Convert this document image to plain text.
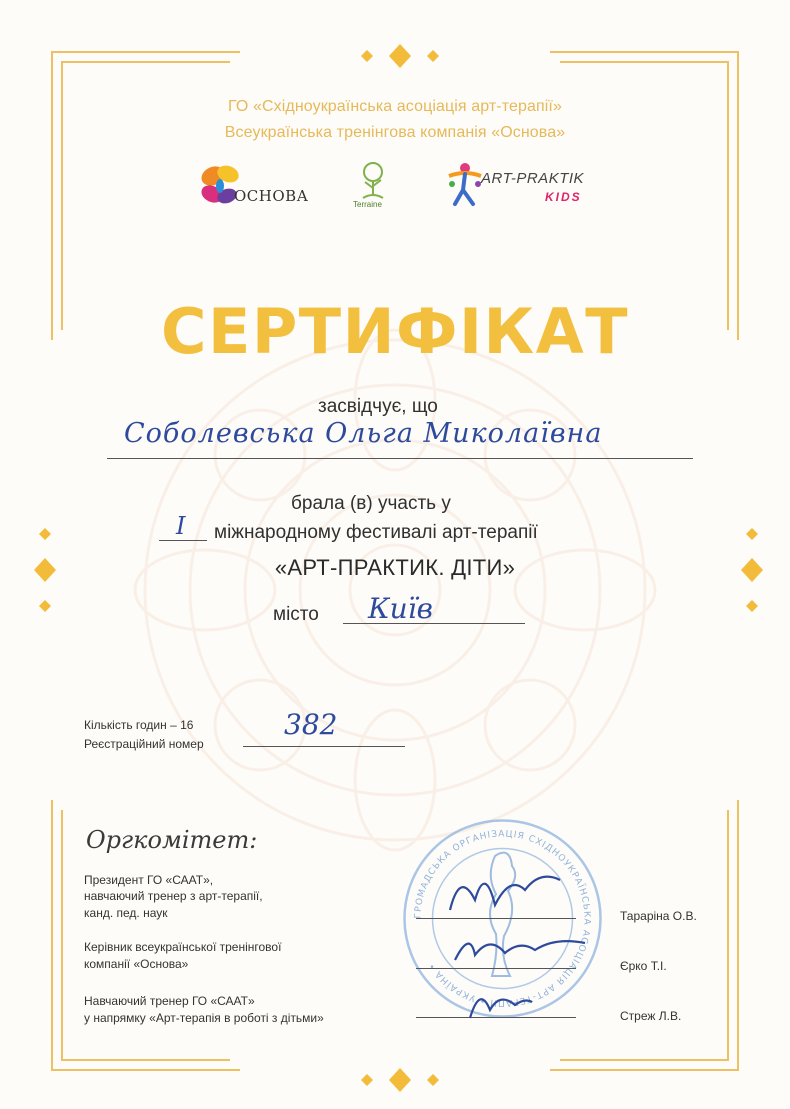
ГО «Східноукраїнська асоціація арт-терапії»
Всеукраїнська тренінгова компанія «Основа»
ОСНОВА	Terraine
ART-PRAKTIK
KIDS
СЕРТИФІКАТ
засвідчує, що
Соболевська Ольга Миколаївна
брала (в) участь у
I міжнародному фестивалі арт-терапії
«АРТ-ПРАКТИК. ДІТИ»
місто Київ
Кількість годин – 16
Реєстраційний номер
382
Оргкомітет:
ГРОМАДСЬКА ОРГАНІЗАЦІЯ СХІДНОУКРАЇНСЬКА АСОЦІАЦІЯ АРТ-ТЕРАПІЇ • УКРАЇНА •
Президент ГО «САAT»,
навчаючий тренер з арт-терапії,
канд. пед. наук	Тарарiна О.В.
Керівник всеукраїнської тренінгової
компанії «Основа»	Єрко Т.І.
Навчаючий тренер ГО «САAT»
у напрямку «Арт-терапія в роботі з дітьми»	Стреж Л.В.
